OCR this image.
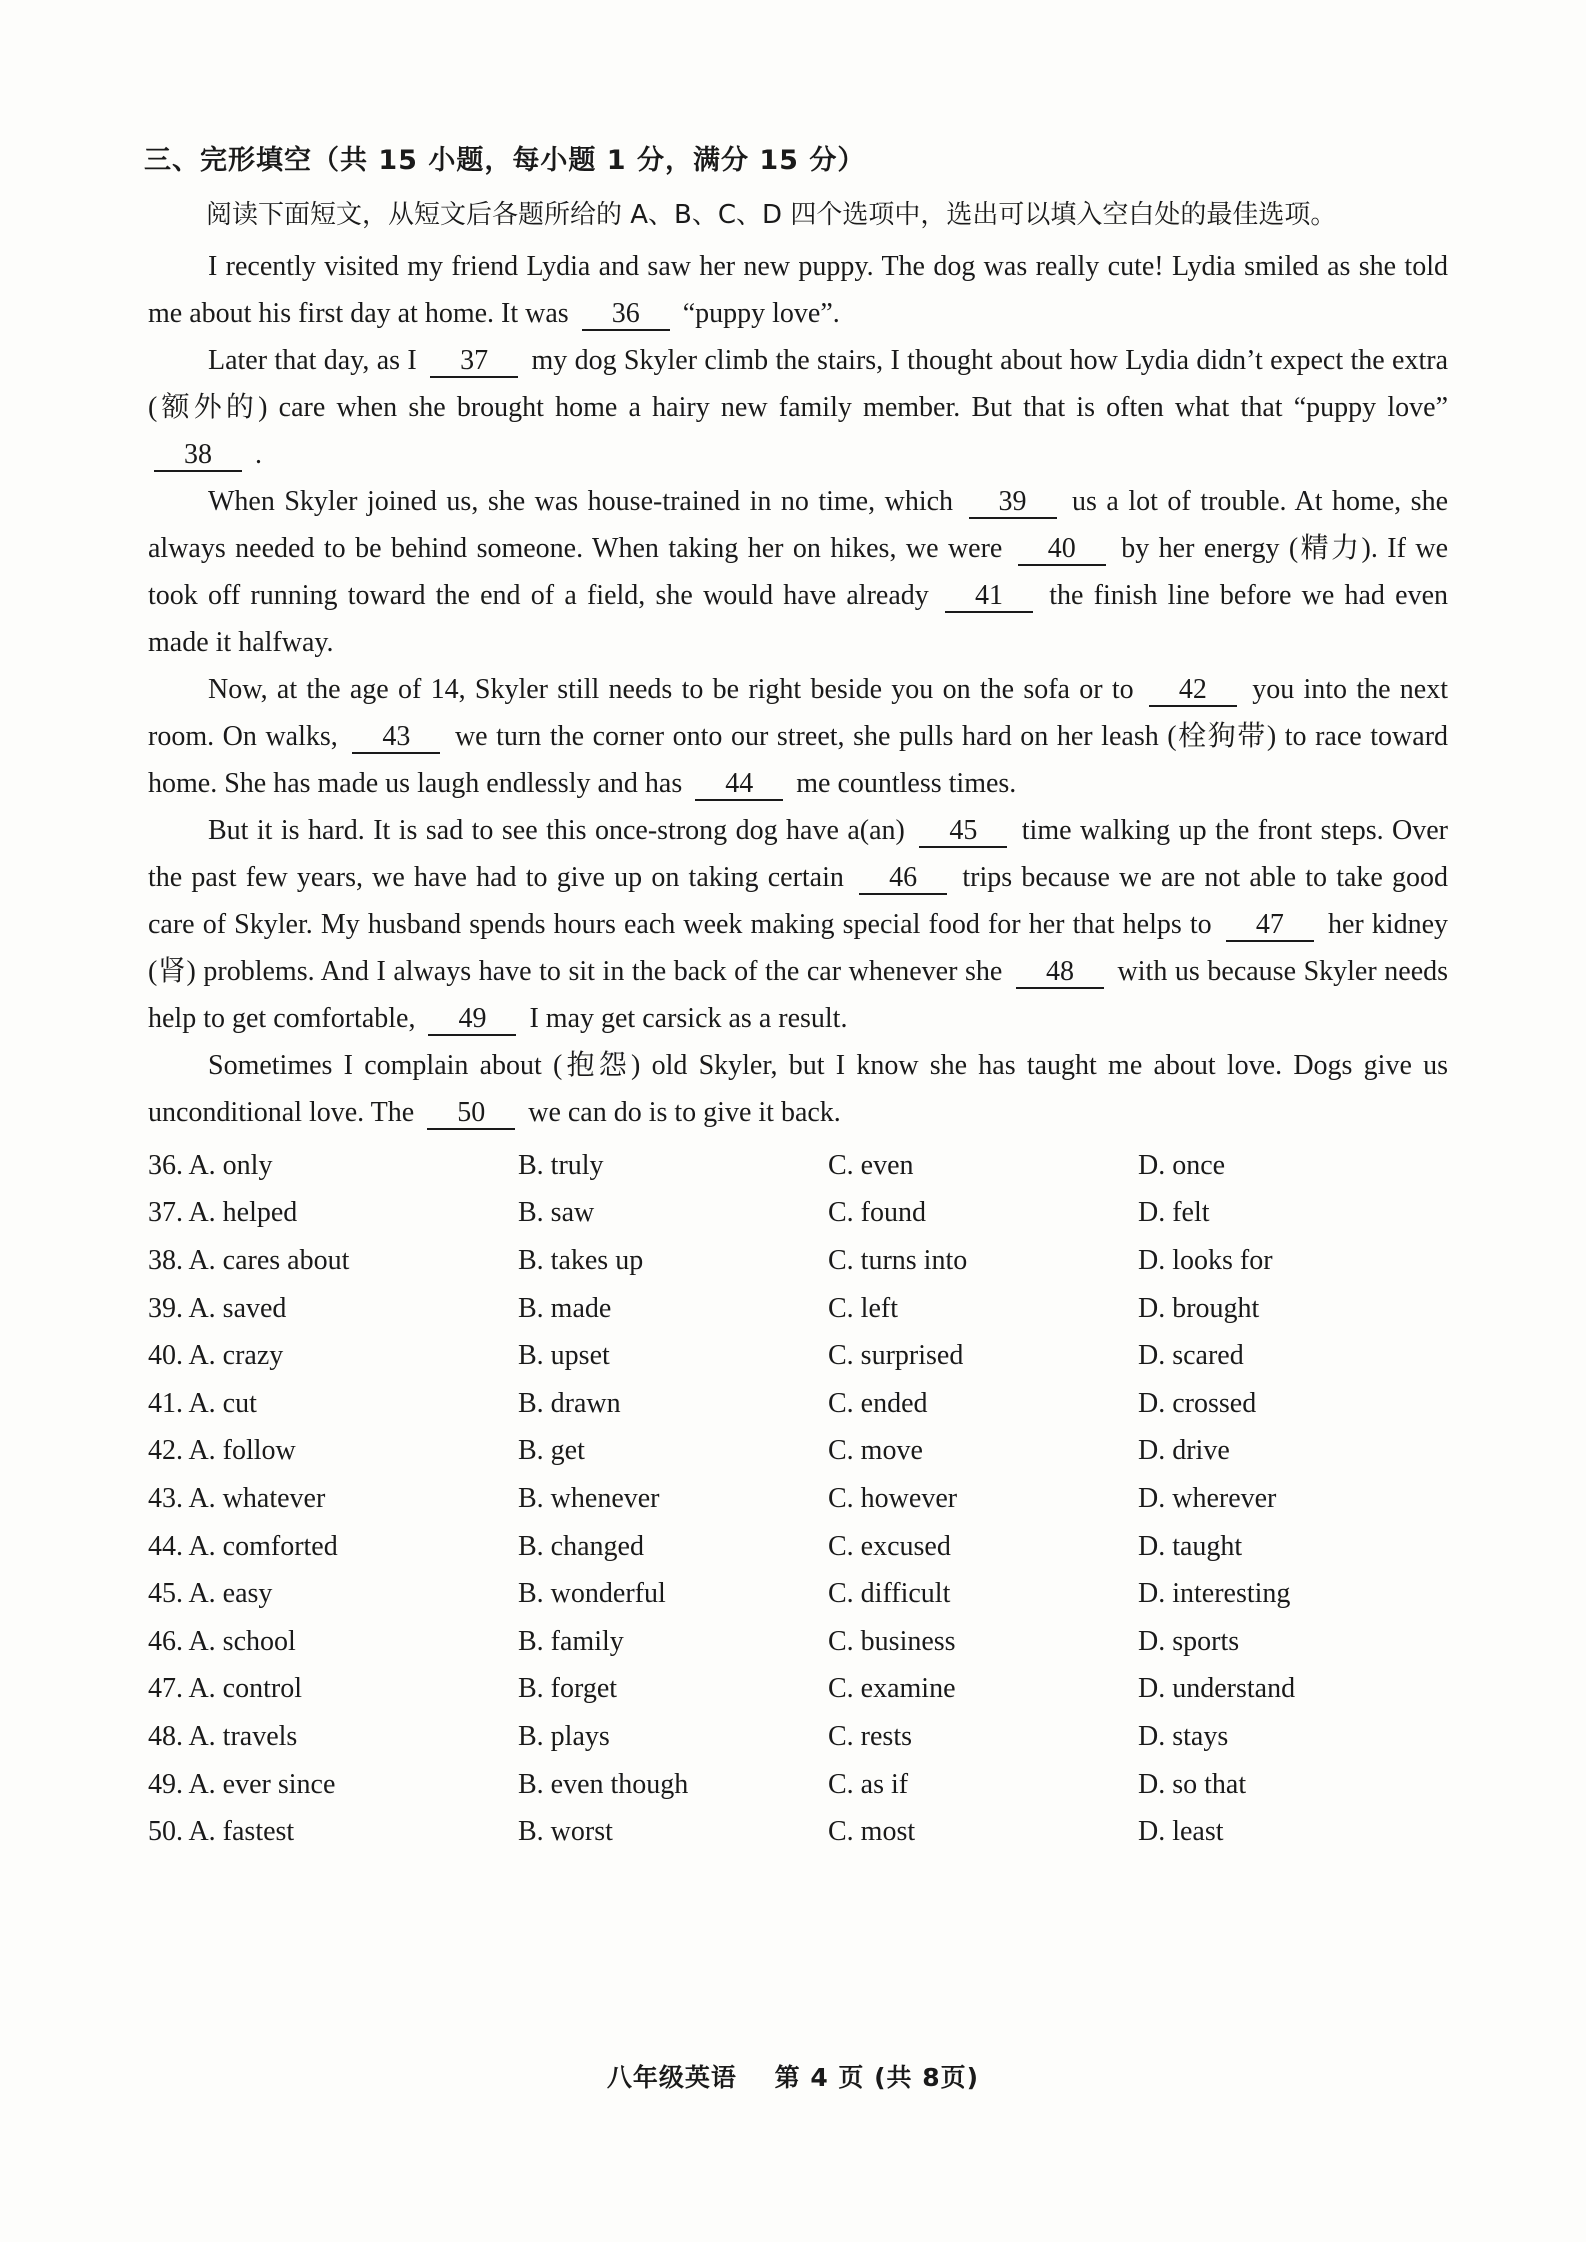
三、完形填空（共 15 小题，每小题 1 分，满分 15 分）

阅读下面短文，从短文后各题所给的 A、B、C、D 四个选项中，选出可以填入空白处的最佳选项。

I recently visited my friend Lydia and saw her new puppy. The dog was really cute! Lydia smiled as she told me about his first day at home. It was 36 “puppy love”.

Later that day, as I 37 my dog Skyler climb the stairs, I thought about how Lydia didn’t expect the extra (额外的) care when she brought home a hairy new family member. But that is often what that “puppy love” 38 .

When Skyler joined us, she was house-trained in no time, which 39 us a lot of trouble. At home, she always needed to be behind someone. When taking her on hikes, we were 40 by her energy (精力). If we took off running toward the end of a field, she would have already 41 the finish line before we had even made it halfway.

Now, at the age of 14, Skyler still needs to be right beside you on the sofa or to 42 you into the next room. On walks, 43 we turn the corner onto our street, she pulls hard on her leash (栓狗带) to race toward home. She has made us laugh endlessly and has 44 me countless times.

But it is hard. It is sad to see this once-strong dog have a(an) 45 time walking up the front steps. Over the past few years, we have had to give up on taking certain 46 trips because we are not able to take good care of Skyler. My husband spends hours each week making special food for her that helps to 47 her kidney (肾) problems. And I always have to sit in the back of the car whenever she 48 with us because Skyler needs help to get comfortable, 49 I may get carsick as a result.

Sometimes I complain about (抱怨) old Skyler, but I know she has taught me about love. Dogs give us unconditional love. The 50 we can do is to give it back.

36. A. only	B. truly	C. even	D. once
37. A. helped	B. saw	C. found	D. felt
38. A. cares about	B. takes up	C. turns into	D. looks for
39. A. saved	B. made	C. left	D. brought
40. A. crazy	B. upset	C. surprised	D. scared
41. A. cut	B. drawn	C. ended	D. crossed
42. A. follow	B. get	C. move	D. drive
43. A. whatever	B. whenever	C. however	D. wherever
44. A. comforted	B. changed	C. excused	D. taught
45. A. easy	B. wonderful	C. difficult	D. interesting
46. A. school	B. family	C. business	D. sports
47. A. control	B. forget	C. examine	D. understand
48. A. travels	B. plays	C. rests	D. stays
49. A. ever since	B. even though	C. as if	D. so that
50. A. fastest	B. worst	C. most	D. least
八年级英语 第 4 页 (共 8页)
